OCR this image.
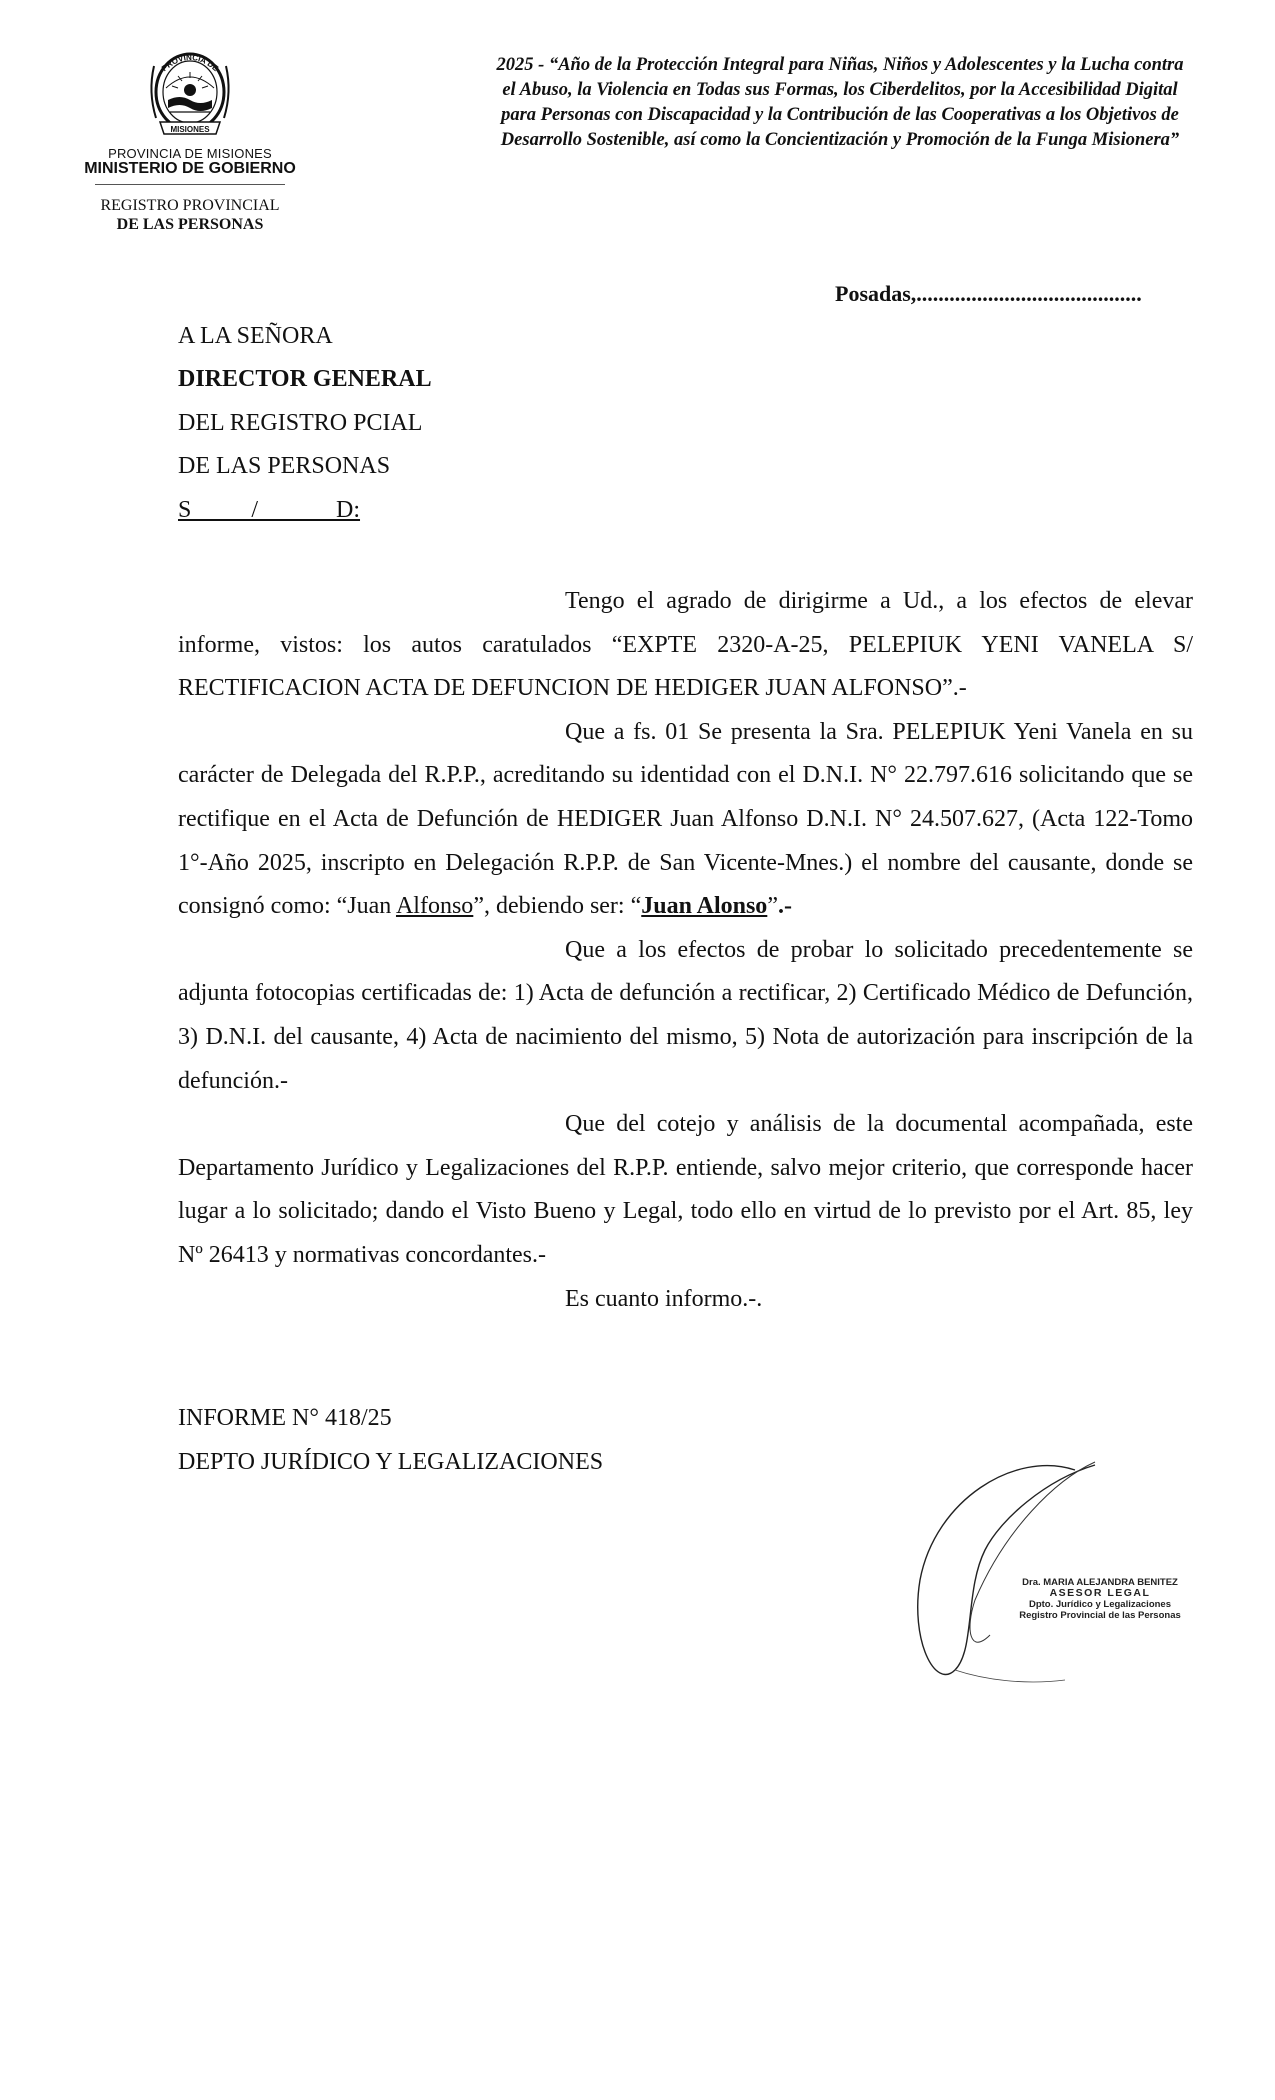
MISIONES
PROVINCIA DE
PROVINCIA DE MISIONES
MINISTERIO DE GOBIERNO
REGISTRO PROVINCIAL
DE LAS PERSONAS
2025 - “Año de la Protección Integral para Niñas, Niños y Adolescentes y la Lucha contra el Abuso, la Violencia en Todas sus Formas, los Ciberdelitos, por la Accesibilidad Digital para Personas con Discapacidad y la Contribución de las Cooperativas a los Objetivos de Desarrollo Sostenible, así como la Concientización y Promoción de la Funga Misionera”
Posadas,.........................................
A LA SEÑORA
DIRECTOR GENERAL
DEL REGISTRO PCIAL
DE LAS PERSONAS
S          /             D:

Tengo el agrado de dirigirme a Ud., a los efectos de elevar informe, vistos: los autos caratulados “EXPTE 2320-A-25, PELEPIUK YENI VANELA S/ RECTIFICACION ACTA DE DEFUNCION DE HEDIGER JUAN ALFONSO”.-

Que a fs. 01 Se presenta la Sra. PELEPIUK Yeni Vanela en su carácter de Delegada del R.P.P., acreditando su identidad con el D.N.I. N° 22.797.616 solicitando que se rectifique en el Acta de Defunción de HEDIGER Juan Alfonso D.N.I. N° 24.507.627, (Acta 122-Tomo 1°-Año 2025, inscripto en Delegación R.P.P. de San Vicente-Mnes.) el nombre del causante, donde se consignó como: “Juan Alfonso”, debiendo ser: “Juan Alonso”.-

Que a los efectos de probar lo solicitado precedentemente se adjunta fotocopias certificadas de: 1) Acta de defunción a rectificar, 2) Certificado Médico de Defunción, 3) D.N.I. del causante, 4) Acta de nacimiento del mismo, 5) Nota de autorización para inscripción de la defunción.-

Que del cotejo y análisis de la documental acompañada, este Departamento Jurídico y Legalizaciones del R.P.P. entiende, salvo mejor criterio, que corresponde hacer lugar a lo solicitado; dando el Visto Bueno y Legal, todo ello en virtud de lo previsto por el Art. 85, ley Nº 26413 y normativas concordantes.-

Es cuanto informo.-.

INFORME N° 418/25
DEPTO JURÍDICO Y LEGALIZACIONES
Dra. MARIA ALEJANDRA BENITEZ
ASESOR LEGAL
Dpto. Jurídico y Legalizaciones
Registro Provincial de las Personas
